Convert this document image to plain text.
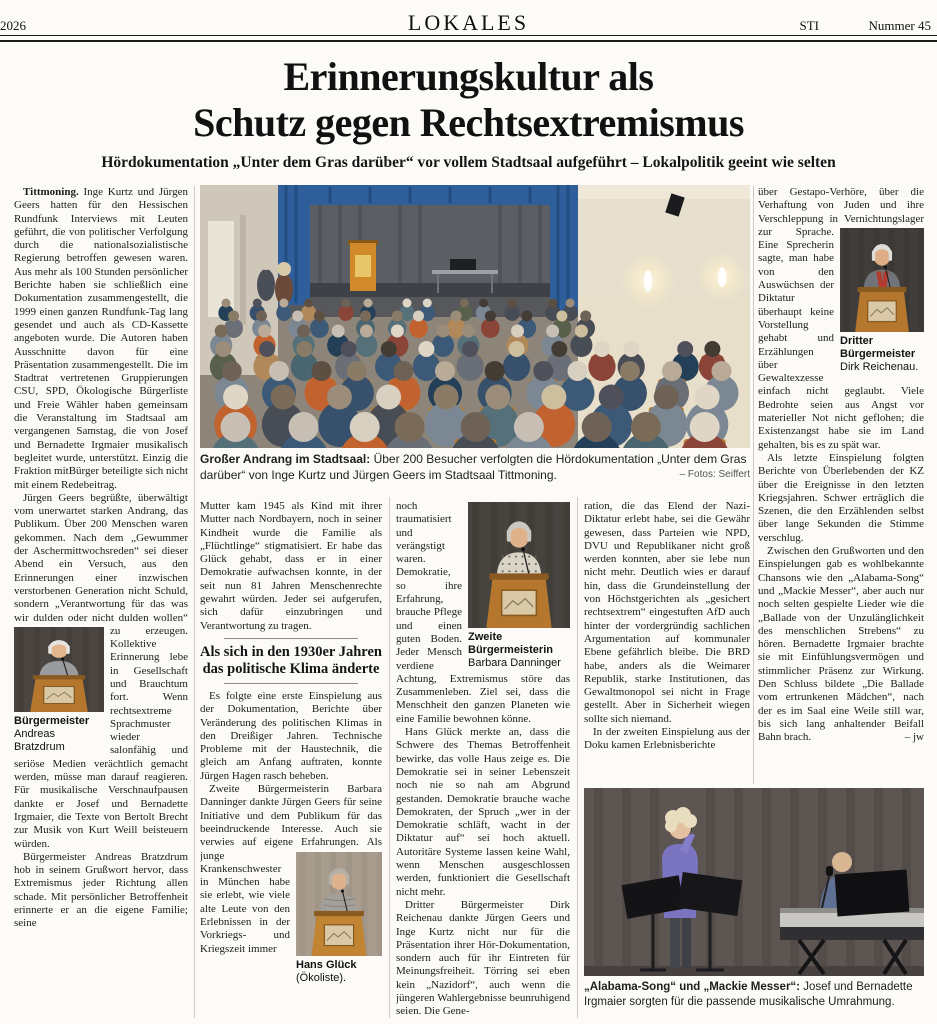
2026	LOKALES	STI	Nummer 45
Erinnerungskultur als
Schutz gegen Rechtsextremismus
Hördokumentation „Unter dem Gras darüber“ vor vollem Stadtsaal aufgeführt – Lokalpolitik geeint wie selten
Großer Andrang im Stadtsaal: Über 200 Besucher verfolgten die Hördokumentation „Unter dem Gras darüber“ von Inge Kurtz und Jürgen Geers im Stadtsaal Tittmoning.	– Fotos: Seiffert
„Alabama-Song“ und „Mackie Messer“: Josef und Bernadette Irgmaier sorgten für die passende musikalische Umrahmung.

Tittmoning. Inge Kurtz und Jürgen Geers hatten für den Hessischen Rundfunk Interviews mit Leuten geführt, die von politischer Verfolgung durch die nationalsozialistische Regierung betroffen gewesen waren. Aus mehr als 100 Stunden persönlicher Berichte haben sie schließlich eine Dokumentation zusammengestellt, die 1999 einen ganzen Rundfunk-Tag lang gesendet und auch als CD-Kassette angeboten wurde. Die Autoren haben Ausschnitte davon für eine Präsentation zusammengestellt. Die im Stadtrat vertretenen Gruppierungen CSU, SPD, Ökologische Bürgerliste und Freie Wähler haben gemeinsam die Veranstaltung im Stadtsaal am vergangenen Samstag, die von Josef und Bernadette Irgmaier musikalisch begleitet wurde, unterstützt. Einzig die Fraktion mitBürger beteiligte sich nicht mit einem Redebeitrag.

Jürgen Geers begrüßte, überwältigt vom unerwartet starken Andrang, das Publikum. Über 200 Menschen waren gekommen. Nach dem „Gewummer der Aschermittwochsreden“ sei dieser Abend ein Versuch, aus den Erinnerungen einer inzwischen verstorbenen Generation nicht Schuld, sondern „Verantwortung für das was wir dulden oder nicht
Bürgermeister Andreas Bratzdrum
dulden wollen“ zu erzeugen. Kollektive Erinnerung lebe in Gesellschaft und Brauchtum fort. Wenn rechtsextreme Sprachmuster wieder salonfähig und seriöse Medien verächtlich gemacht werden, müsse man darauf reagieren. Für musikalische Verschnaufpausen dankte er Josef und Bernadette Irgmaier, die Texte von Bertolt Brecht zur Musik von Kurt Weill beisteuern würden.

Bürgermeister Andreas Bratzdrum hob in seinem Grußwort hervor, dass Extremismus jeder Richtung allen schade. Mit persönlicher Betroffenheit erinnerte er an die eigene Familie; seine

Mutter kam 1945 als Kind mit ihrer Mutter nach Nordbayern, noch in seiner Kindheit wurde die Familie als „Flüchtlinge“ stigmatisiert. Er habe das Glück gehabt, dass er in einer Demokratie aufwachsen konnte, in der seit nun 81 Jahren Menschenrechte gewahrt würden. Jeder sei aufgerufen, sich dafür einzubringen und Verantwortung zu tragen.

Als sich in den 1930er Jahren das politische Klima änderte

Es folgte eine erste Einspielung aus der Dokumentation, Berichte über Veränderung des politischen Klimas in den Dreißiger Jahren. Technische Probleme mit der Haustechnik, die gleich am Anfang auftraten, konnte Jürgen Hagen rasch beheben.

Zweite Bürgermeisterin Barbara Danninger dankte Jürgen Geers für seine Initiative und dem Publikum für das beeindruckende Interesse. Auch sie verwies auf eigene Erfahrungen.
Hans Glück (Ökoliste).
Als junge Krankenschwester in München habe sie erlebt, wie viele alte Leute von den Erlebnissen in der Vorkriegs- und Kriegszeit immer

Zweite Bürgermeisterin Barbara Danninger
noch traumatisiert und verängstigt waren. Demokratie, so ihre Erfahrung, brauche Pflege und einen guten Boden. Jeder Mensch verdiene Achtung, Extremismus störe das Zusammenleben. Ziel sei, dass die Menschheit den ganzen Planeten wie eine Familie bewohnen könne.

Hans Glück merkte an, dass die Schwere des Themas Betroffenheit bewirke, das volle Haus zeige es. Die Demokratie sei in seiner Lebenszeit noch nie so nah am Abgrund gestanden. Demokratie brauche wache Demokraten, der Spruch „wer in der Demokratie schläft, wacht in der Diktatur auf“ sei hoch aktuell. Autoritäre Systeme lassen keine Wahl, wenn Menschen ausgeschlossen werden, funktioniert die Gesellschaft nicht mehr.

Dritter Bürgermeister Dirk Reichenau dankte Jürgen Geers und Inge Kurtz nicht nur für die Präsentation ihrer Hör-Dokumentation, sondern auch für ihr Eintreten für Meinungsfreiheit. Törring sei eben kein „Nazidorf“, auch wenn die jüngeren Wahlergebnisse beunruhigend seien. Die Gene-

ration, die das Elend der Nazi-Diktatur erlebt habe, sei die Gewähr gewesen, dass Parteien wie NPD, DVU und Republikaner nicht groß werden konnten, aber sie lebe nun nicht mehr. Deutlich wies er darauf hin, dass die Grundeinstellung der von Höchstgerichten als „gesichert rechtsextrem“ eingestuften AfD auch hinter der vordergründig sachlichen Argumentation auf kommunaler Ebene gefährlich bleibe. Die BRD habe, anders als die Weimarer Republik, starke Institutionen, das Gewaltmonopol sei nicht in Frage gestellt. Aber in Sicherheit wiegen sollte sich niemand.

In der zweiten Einspielung aus der Doku kamen Erlebnisberichte

über Gestapo-Verhöre, über die Verhaftung von Juden und ihre Verschleppung in Vernichtungslager zur Sprache.
Dritter Bürgermeister Dirk Reichenau.
Eine Sprecherin sagte, man habe von den Auswüchsen der Diktatur überhaupt keine Vorstellung gehabt und Erzählungen über Gewaltexzesse einfach nicht geglaubt. Viele Bedrohte seien aus Angst vor materieller Not nicht geflohen; die Existenzangst habe sie im Land gehalten, bis es zu spät war.

Als letzte Einspielung folgten Berichte von Überlebenden der KZ über die Ereignisse in den letzten Kriegsjahren. Schwer erträglich die Szenen, die den Erzählenden selbst über lange Sekunden die Stimme verschlug.

Zwischen den Grußworten und den Einspielungen gab es wohlbekannte Chansons wie den „Alabama-Song“ und „Mackie Messer“, aber auch nur noch selten gespielte Lieder wie die „Ballade von der Unzulänglichkeit des menschlichen Strebens“ zu hören. Bernadette Irgmaier brachte sie mit Einfühlungsvermögen und stimmlicher Präsenz zur Wirkung. Den Schluss bildete „Die Ballade vom ertrunkenen Mädchen“, nach der es im Saal eine Weile still war, bis sich lang anhaltender Beifall Bahn brach.	– jw
